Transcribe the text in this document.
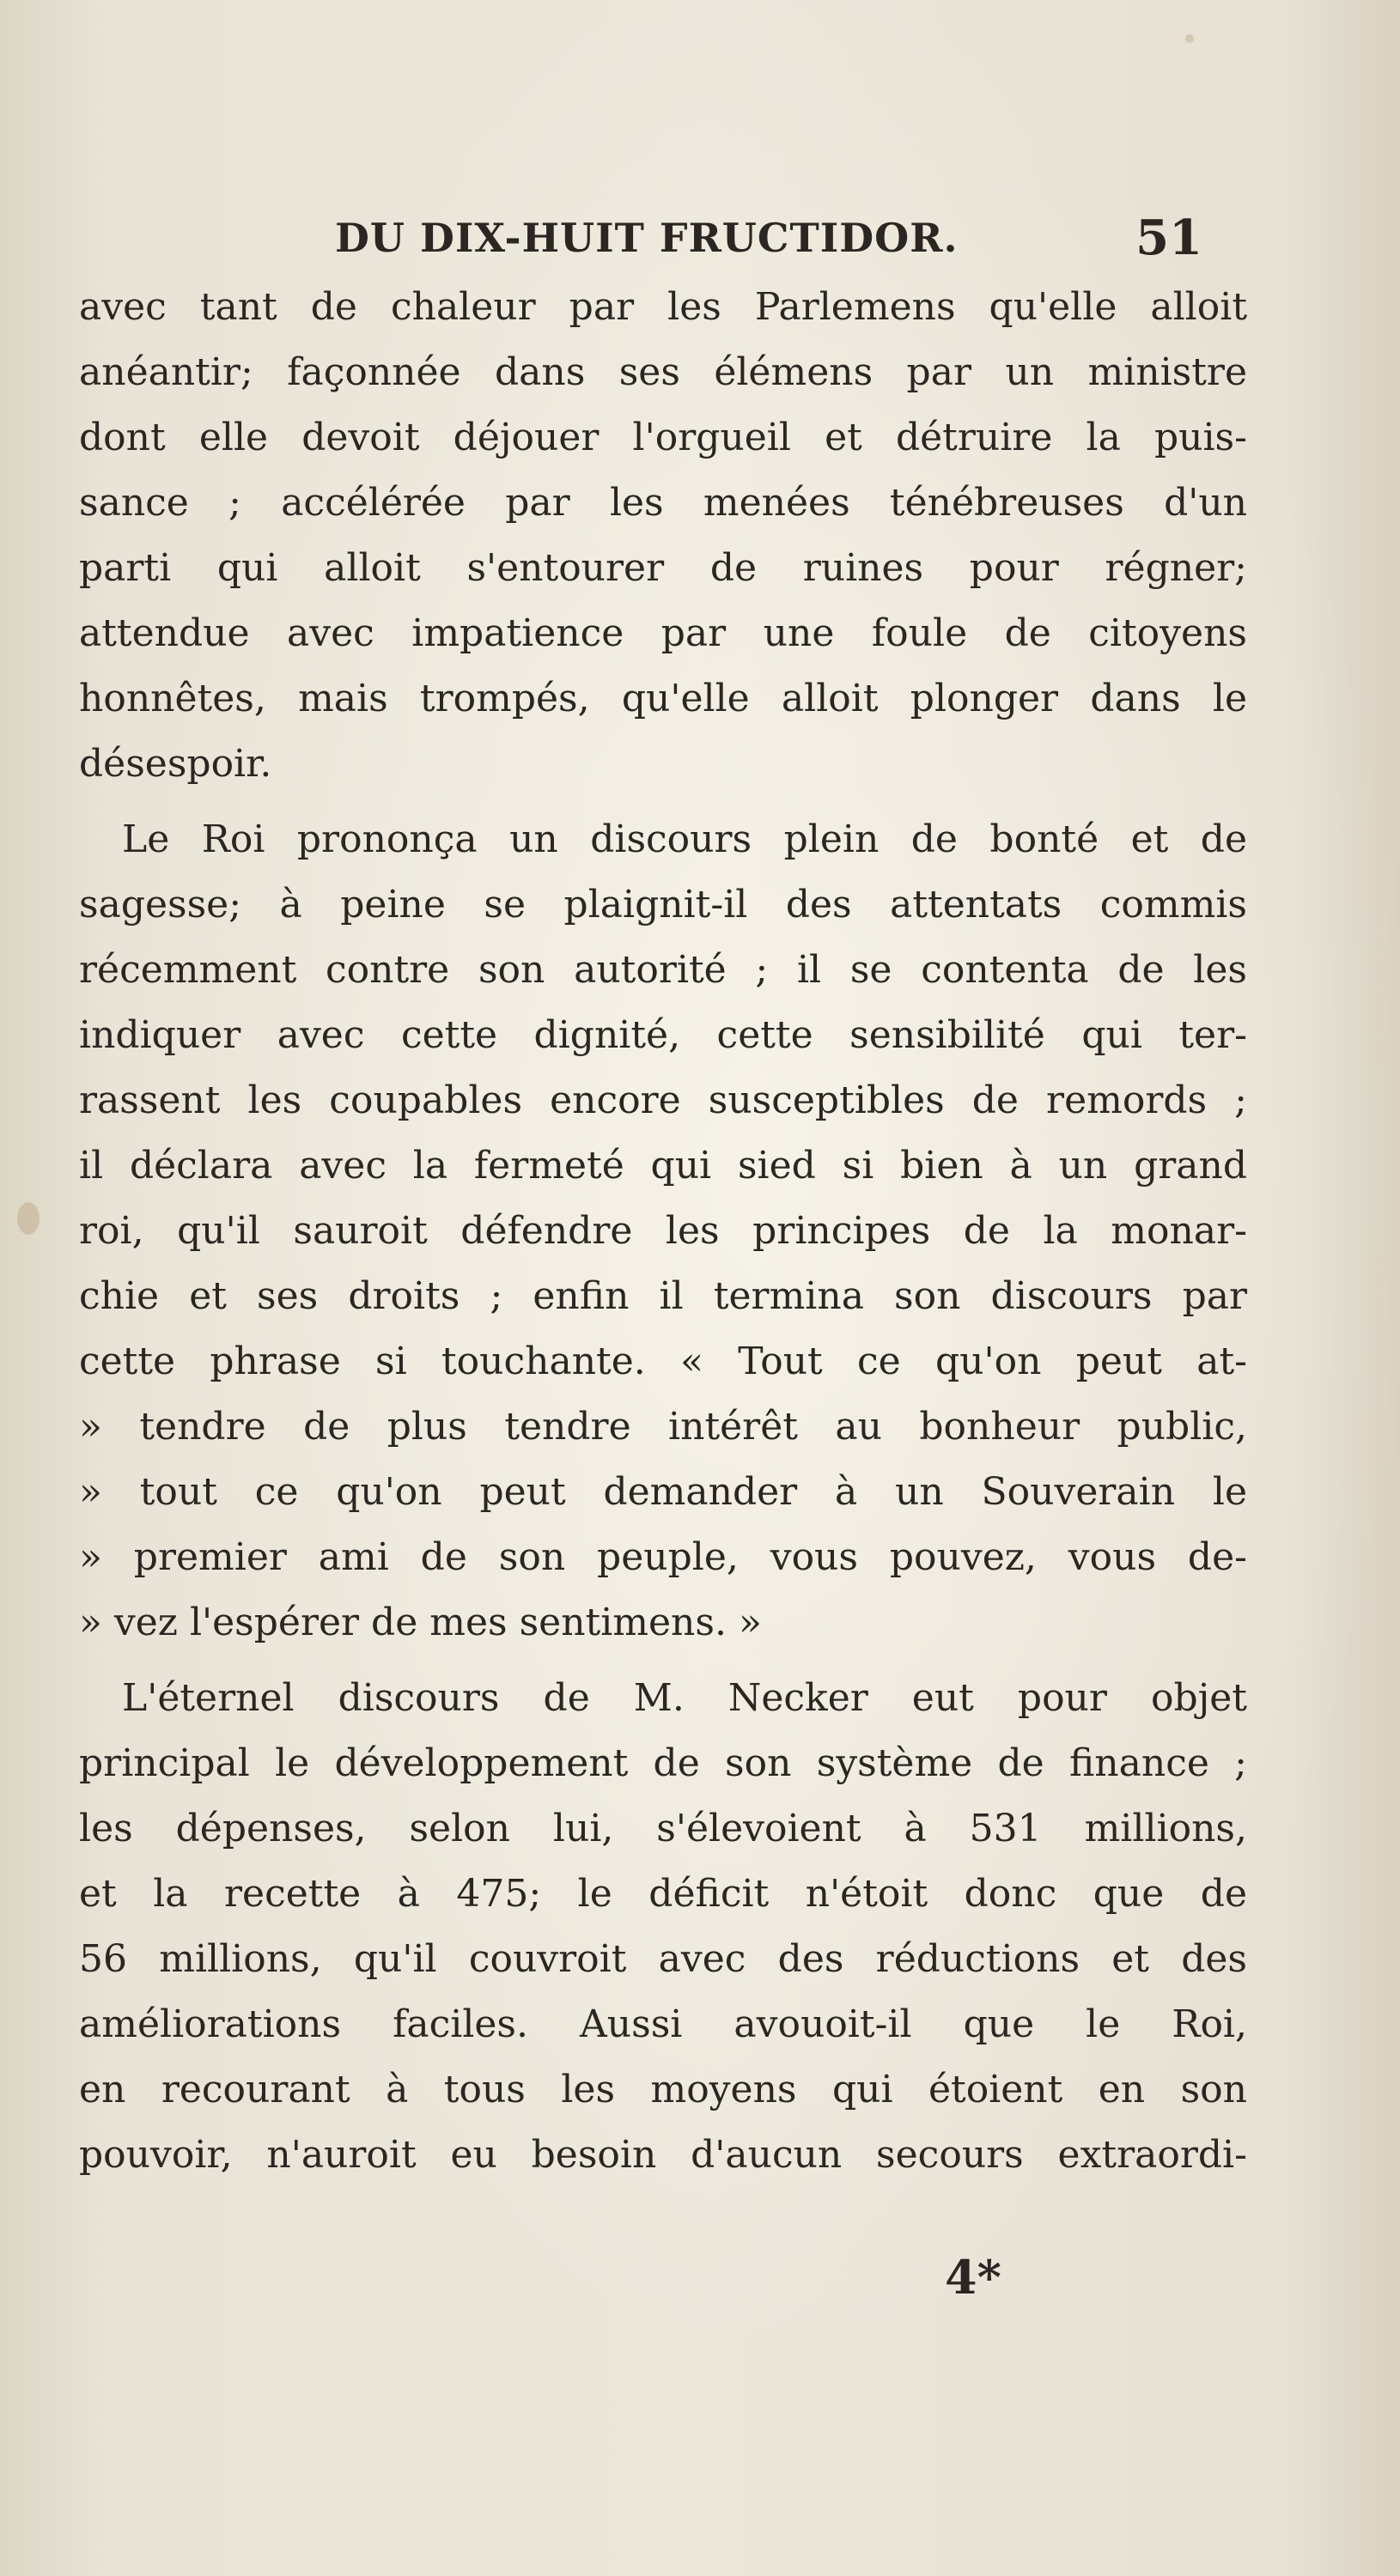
DU DIX-HUIT FRUCTIDOR.	51
avec tant de chaleur par les Parlemens qu'elle alloit
anéantir; façonnée dans ses élémens par un ministre
dont elle devoit déjouer l'orgueil et détruire la puis-
sance ; accélérée par les menées ténébreuses d'un
parti qui alloit s'entourer de ruines pour régner;
attendue avec impatience par une foule de citoyens
honnêtes, mais trompés, qu'elle alloit plonger dans le
désespoir.
Le Roi prononça un discours plein de bonté et de
sagesse; à peine se plaignit-il des attentats commis
récemment contre son autorité ; il se contenta de les
indiquer avec cette dignité, cette sensibilité qui ter-
rassent les coupables encore susceptibles de remords ;
il déclara avec la fermeté qui sied si bien à un grand
roi, qu'il sauroit défendre les principes de la monar-
chie et ses droits ; enfin il termina son discours par
cette phrase si touchante. « Tout ce qu'on peut at-
» tendre de plus tendre intérêt au bonheur public,
» tout ce qu'on peut demander à un Souverain le
» premier ami de son peuple, vous pouvez, vous de-
» vez l'espérer de mes sentimens. »
L'éternel discours de M. Necker eut pour objet
principal le développement de son système de finance ;
les dépenses, selon lui, s'élevoient à 531 millions,
et la recette à 475; le déficit n'étoit donc que de
56 millions, qu'il couvroit avec des réductions et des
améliorations faciles. Aussi avouoit-il que le Roi,
en recourant à tous les moyens qui étoient en son
pouvoir, n'auroit eu besoin d'aucun secours extraordi-
4*
